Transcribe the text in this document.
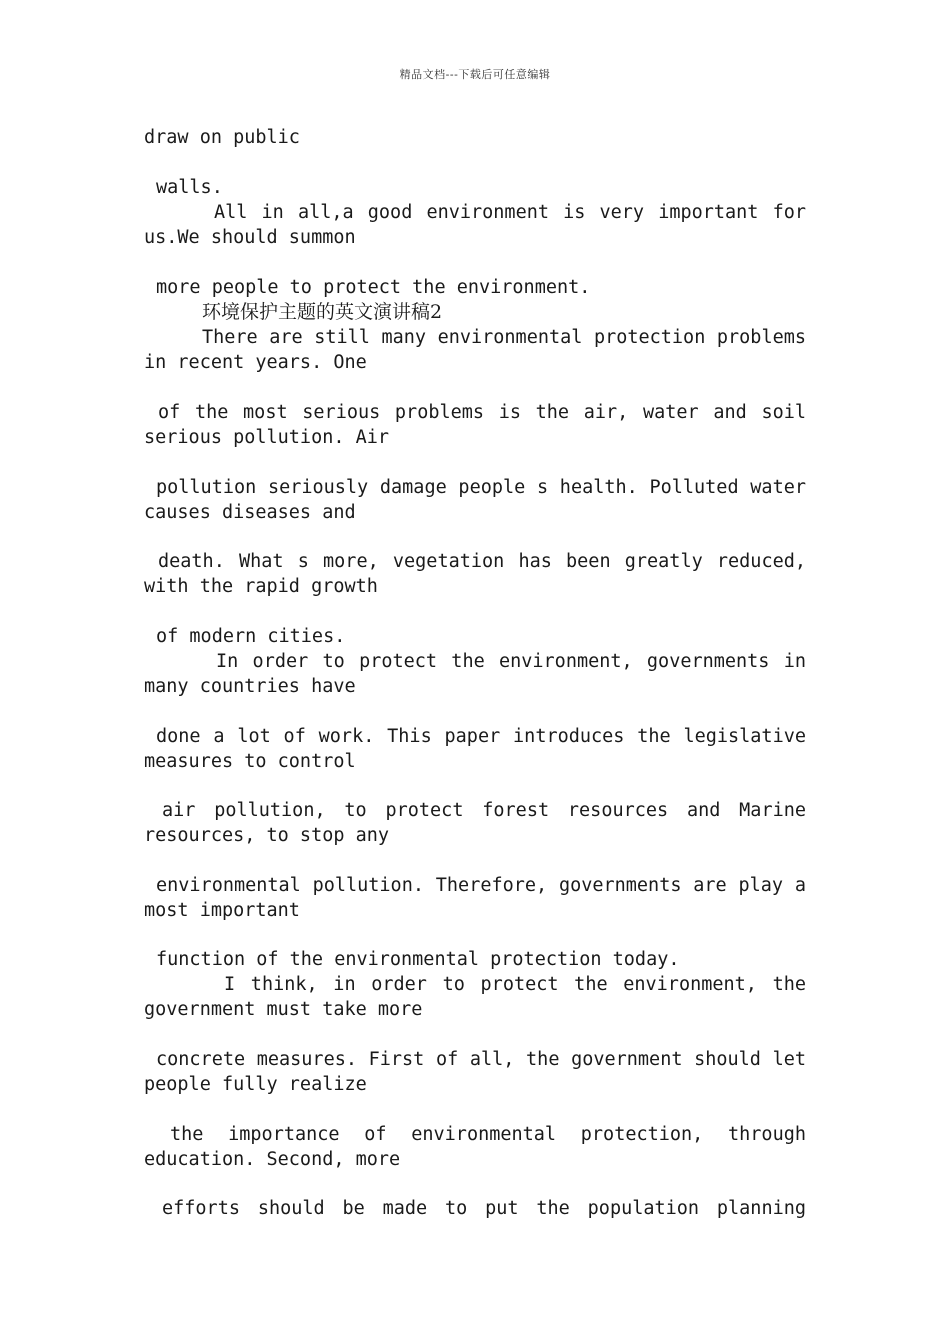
精品文档---下载后可任意编辑
draw on public
walls.
All in all,a good environment is very important for
us.We should summon
more people to protect the environment.
环境保护主题的英文演讲稿2
There are still many environmental protection problems
in recent years. One
of the most serious problems is the air, water and soil
serious pollution. Air
pollution seriously damage people s health. Polluted water
causes diseases and
death. What s more, vegetation has been greatly reduced,
with the rapid growth
of modern cities.
In order to protect the environment, governments in
many countries have
done a lot of work. This paper introduces the legislative
measures to control
air pollution, to protect forest resources and Marine
resources, to stop any
environmental pollution. Therefore, governments are play a
most important
function of the environmental protection today.
I think, in order to protect the environment, the
government must take more
concrete measures. First of all, the government should let
people fully realize
the importance of environmental protection, through
education. Second, more
efforts should be made to put the population planning
